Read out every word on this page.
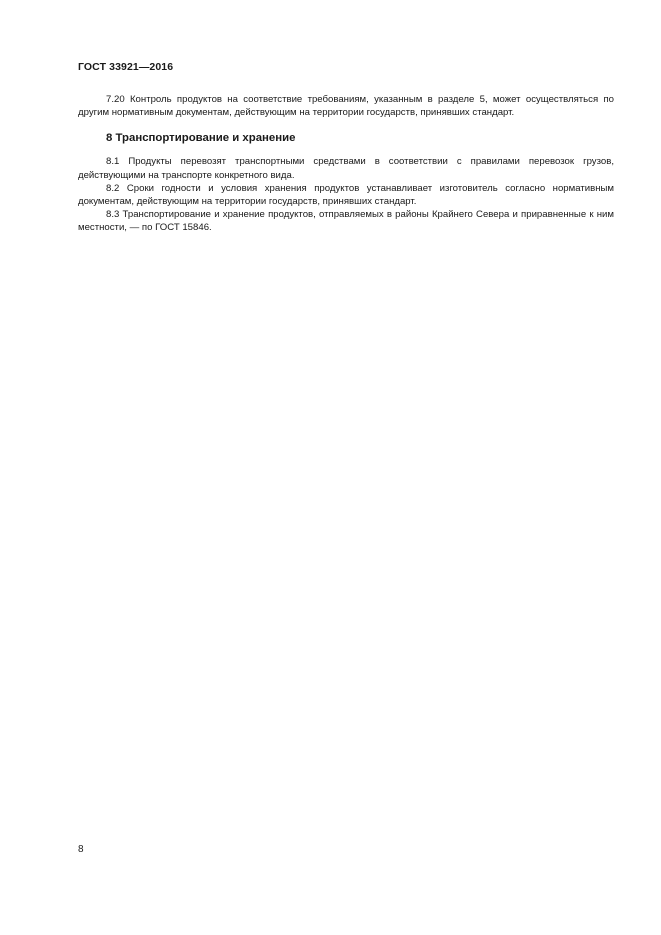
ГОСТ 33921—2016

7.20 Контроль продуктов на соответствие требованиям, указанным в разделе 5, может осуществляться по другим нормативным документам, действующим на территории государств, принявших стандарт.

8 Транспортирование и хранение

8.1 Продукты перевозят транспортными средствами в соответствии с правилами перевозок грузов, действующими на транспорте конкретного вида.

8.2 Сроки годности и условия хранения продуктов устанавливает изготовитель согласно нормативным документам, действующим на территории государств, принявших стандарт.

8.3 Транспортирование и хранение продуктов, отправляемых в районы Крайнего Севера и приравненные к ним местности, — по ГОСТ 15846.

8
